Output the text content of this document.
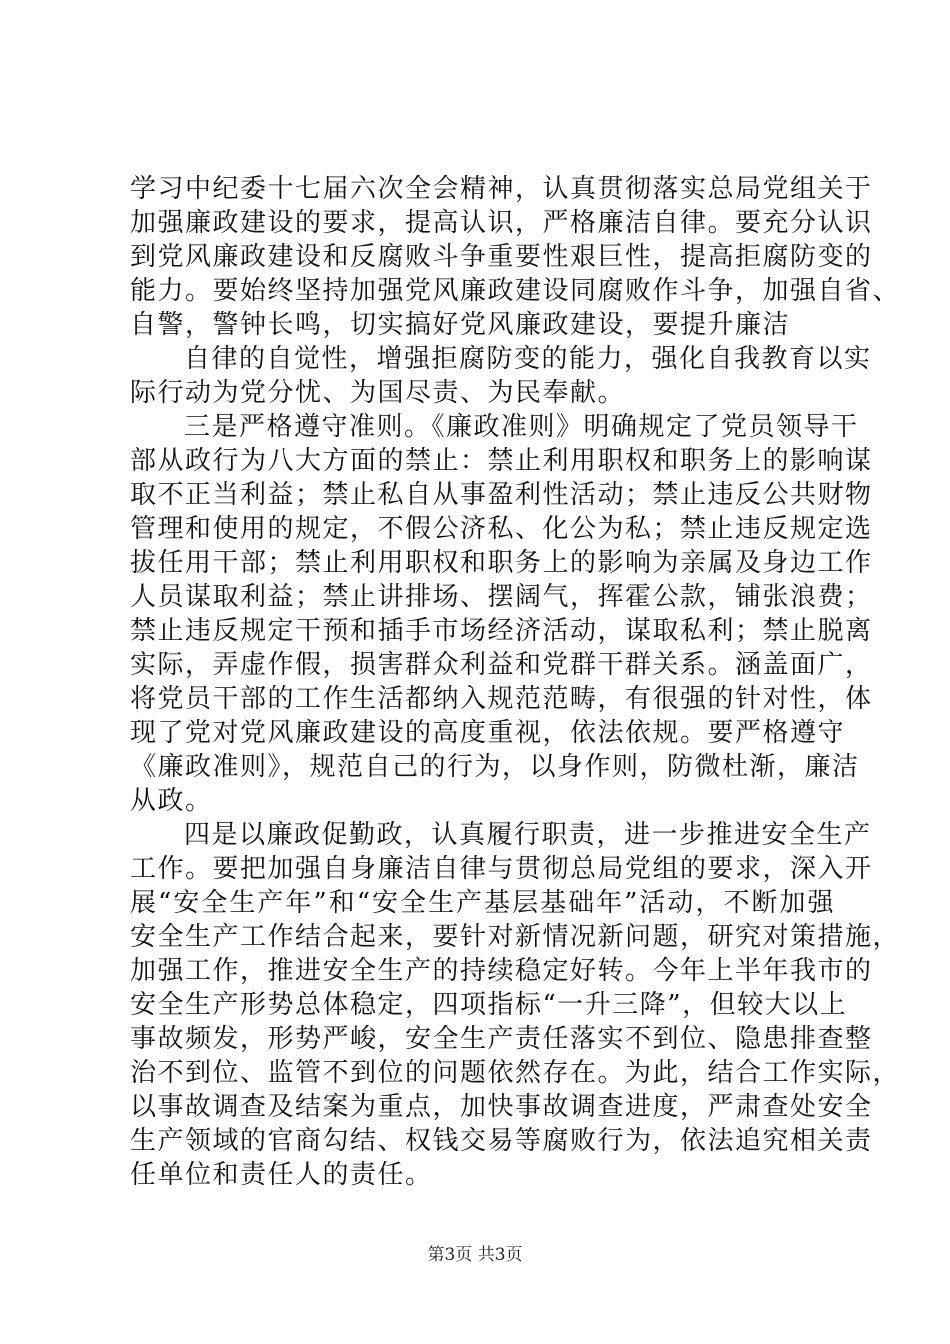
学习中纪委十七届六次全会精神，认真贯彻落实总局党组关于
加强廉政建设的要求，提高认识，严格廉洁自律。要充分认识
到党风廉政建设和反腐败斗争重要性艰巨性，提高拒腐防变的
能力。要始终坚持加强党风廉政建设同腐败作斗争，加强自省、
自警，警钟长鸣，切实搞好党风廉政建设，要提升廉洁
自律的自觉性，增强拒腐防变的能力，强化自我教育以实
际行动为党分忧、为国尽责、为民奉献。
三是严格遵守准则。《廉政准则》明确规定了党员领导干
部从政行为八大方面的禁止：禁止利用职权和职务上的影响谋
取不正当利益；禁止私自从事盈利性活动；禁止违反公共财物
管理和使用的规定，不假公济私、化公为私；禁止违反规定选
拔任用干部；禁止利用职权和职务上的影响为亲属及身边工作
人员谋取利益；禁止讲排场、摆阔气，挥霍公款，铺张浪费；
禁止违反规定干预和插手市场经济活动，谋取私利；禁止脱离
实际，弄虚作假，损害群众利益和党群干群关系。涵盖面广，
将党员干部的工作生活都纳入规范范畴，有很强的针对性，体
现了党对党风廉政建设的高度重视，依法依规。要严格遵守
《廉政准则》，规范自己的行为，以身作则，防微杜渐，廉洁
从政。
四是以廉政促勤政，认真履行职责，进一步推进安全生产
工作。要把加强自身廉洁自律与贯彻总局党组的要求，深入开
展“安全生产年”和“安全生产基层基础年”活动，不断加强
安全生产工作结合起来，要针对新情况新问题，研究对策措施，
加强工作，推进安全生产的持续稳定好转。今年上半年我市的
安全生产形势总体稳定，四项指标“一升三降”，但较大以上
事故频发，形势严峻，安全生产责任落实不到位、隐患排查整
治不到位、监管不到位的问题依然存在。为此，结合工作实际，
以事故调查及结案为重点，加快事故调查进度，严肃查处安全
生产领域的官商勾结、权钱交易等腐败行为，依法追究相关责
任单位和责任人的责任。
第3页 共3页
